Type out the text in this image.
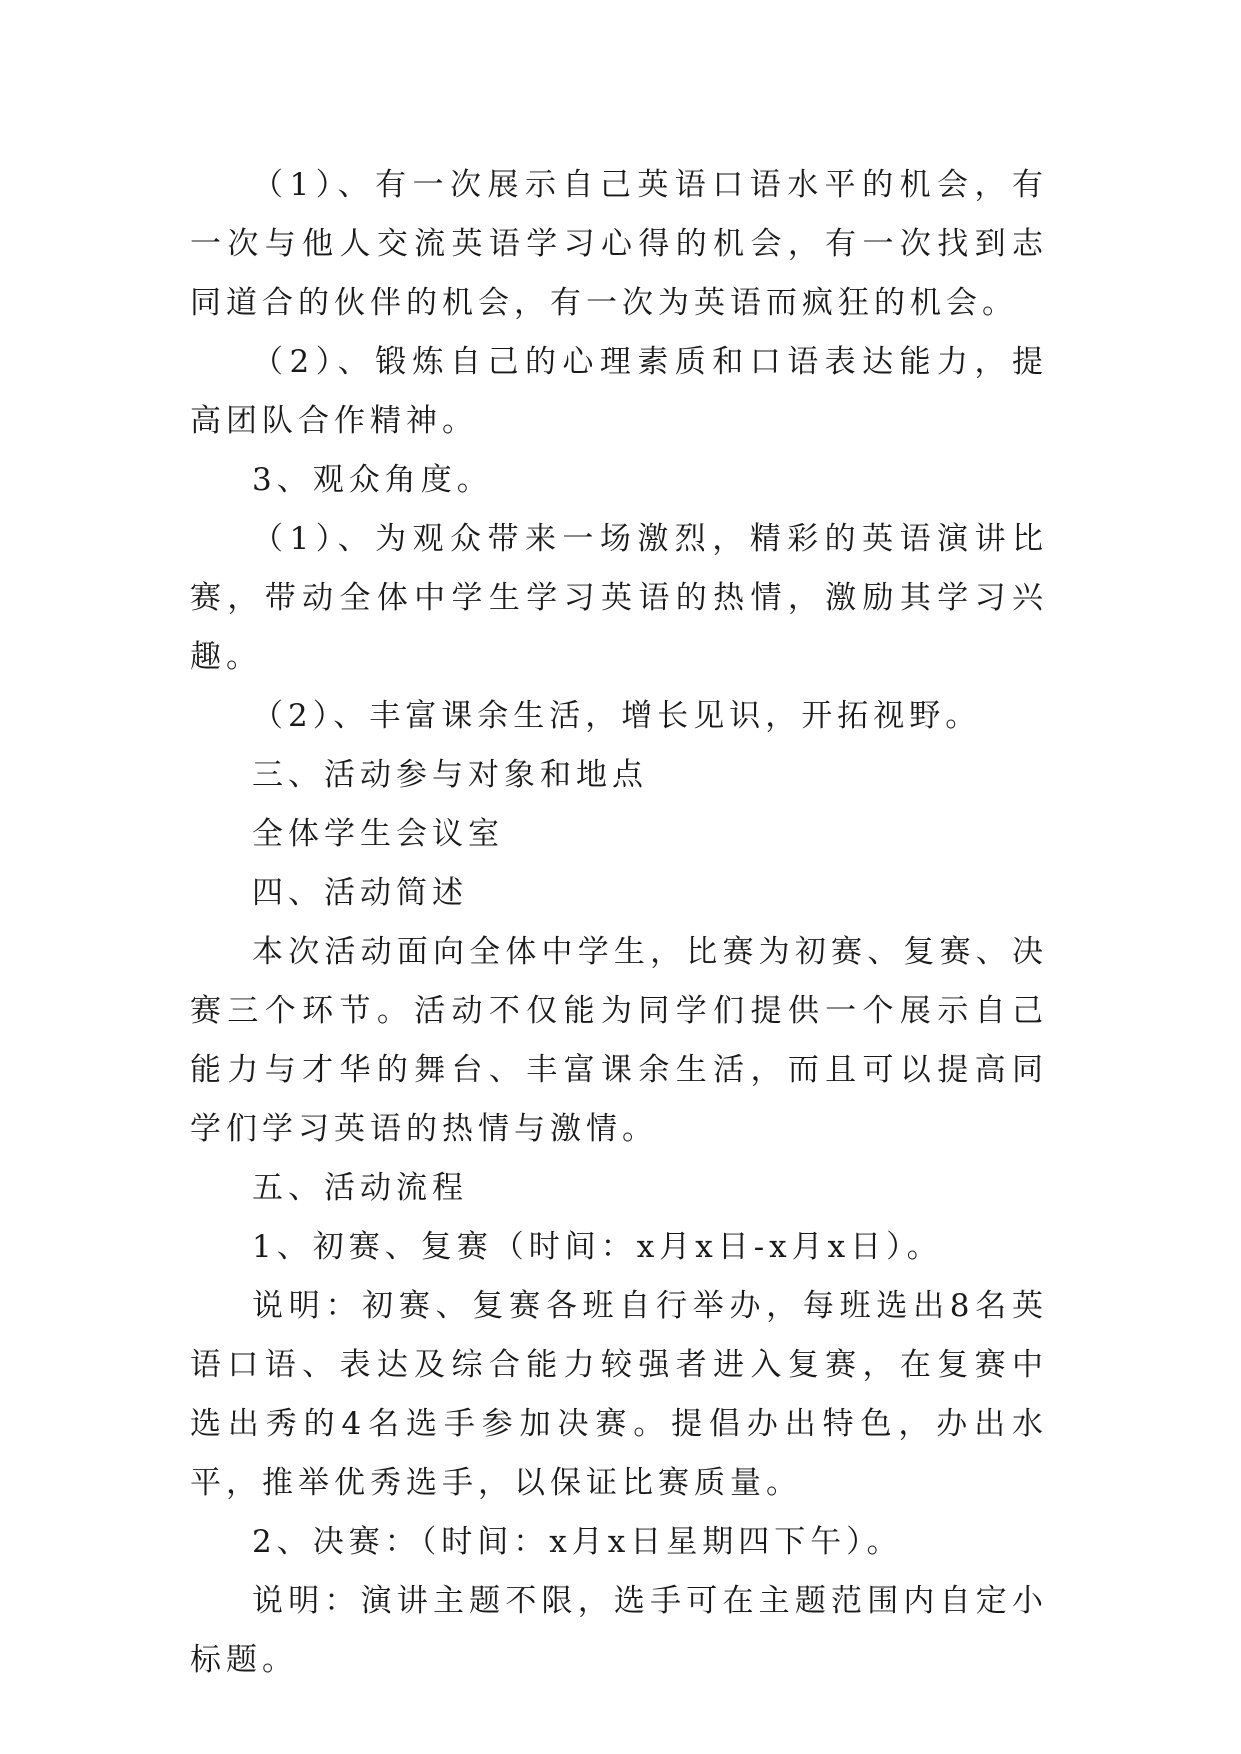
（1）、有一次展示自己英语口语水平的机会，有一次与他人交流英语学习心得的机会，有一次找到志同道合的伙伴的机会，有一次为英语而疯狂的机会。

（2）、锻炼自己的心理素质和口语表达能力，提高团队合作精神。

3、观众角度。

（1）、为观众带来一场激烈，精彩的英语演讲比赛，带动全体中学生学习英语的热情，激励其学习兴趣。

（2）、丰富课余生活，增长见识，开拓视野。

三、活动参与对象和地点

全体学生会议室

四、活动简述

本次活动面向全体中学生，比赛为初赛、复赛、决赛三个环节。活动不仅能为同学们提供一个展示自己能力与才华的舞台、丰富课余生活，而且可以提高同学们学习英语的热情与激情。

五、活动流程

1、初赛、复赛（时间：x月x日-x月x日）。

说明：初赛、复赛各班自行举办，每班选出8名英语口语、表达及综合能力较强者进入复赛，在复赛中选出秀的4名选手参加决赛。提倡办出特色，办出水平，推举优秀选手，以保证比赛质量。

2、决赛：（时间：x月x日星期四下午）。

说明：演讲主题不限，选手可在主题范围内自定小标题。
